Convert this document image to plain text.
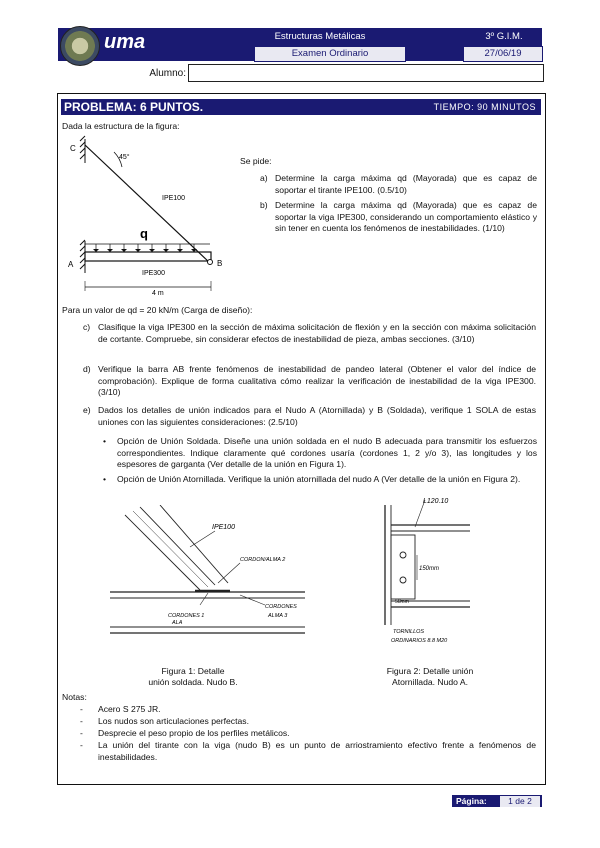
uma	Estructuras Metálicas	3º G.I.M.
Examen Ordinario	27/06/19
Alumno:
PROBLEMA: 6 PUNTOS.	TIEMPO: 90 MINUTOS
Dada la estructura de la figura:
C
A	B
45°
IPE100
q
IPE300
4 m
Se pide:
a) Determine la carga máxima qd (Mayorada) que es capaz de soportar el tirante IPE100. (0.5/10)
b) Determine la carga máxima qd (Mayorada) que es capaz de soportar la viga IPE300, considerando un comportamiento elástico y sin tener en cuenta los fenómenos de inestabilidades. (1/10)
Para un valor de qd = 20 kN/m (Carga de diseño):
c) Clasifique la viga IPE300 en la sección de máxima solicitación de flexión y en la sección con máxima solicitación de cortante. Compruebe, sin considerar efectos de inestabilidad de pieza, ambas secciones. (3/10)
d) Verifique la barra AB frente fenómenos de inestabilidad de pandeo lateral (Obtener el valor del índice de comprobación). Explique de forma cualitativa cómo realizar la verificación de inestabilidad de la viga IPE300. (3/10)
e) Dados los detalles de unión indicados para el Nudo A (Atornillada) y B (Soldada), verifique 1 SOLA de estas uniones con las siguientes consideraciones: (2.5/10)
• Opción de Unión Soldada. Diseñe una unión soldada en el nudo B adecuada para transmitir los esfuerzos correspondientes. Indique claramente qué cordones usaría (cordones 1, 2 y/o 3), las longitudes y los espesores de garganta (Ver detalle de la unión en Figura 1).
• Opción de Unión Atornillada. Verifique la unión atornillada del nudo A (Ver detalle de la unión en Figura 2).
IPE100
CORDON/ALMA 2
CORDONES 1
ALA
CORDONES
ALMA 3
Figura 1: Detalle
unión soldada. Nudo B.
L120.10
150mm
50mm
TORNILLOS
ORDINARIOS 8.8 M20
Figura 2: Detalle unión
Atornillada. Nudo A.
Notas:
- Acero S 275 JR.
- Los nudos son articulaciones perfectas.
- Desprecie el peso propio de los perfiles metálicos.
- La unión del tirante con la viga (nudo B) es un punto de arriostramiento efectivo frente a fenómenos de inestabilidades.
Página:	1 de 2
